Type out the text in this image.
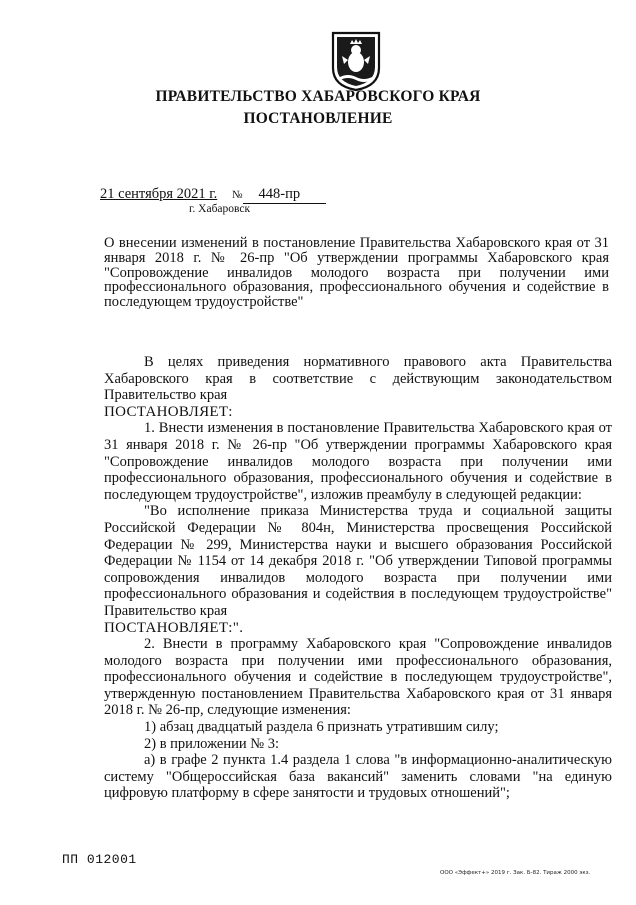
ПРАВИТЕЛЬСТВО ХАБАРОВСКОГО КРАЯ
ПОСТАНОВЛЕНИЕ
21 сентября 2021 г. № 448-пр
г. Хабаровск
О внесении изменений в постановление Правительства Хабаровского края от 31 января 2018 г. № 26-пр "Об утверждении программы Хабаровского края "Сопровождение инвалидов молодого возраста при получении ими профессионального образования, профессионального обучения и содействие в последующем трудоустройстве"

В целях приведения нормативного правового акта Правительства Хабаровского края в соответствие с действующим законодательством Правительство края

ПОСТАНОВЛЯЕТ:

1. Внести изменения в постановление Правительства Хабаровского края от 31 января 2018 г. № 26-пр "Об утверждении программы Хабаровского края "Сопровождение инвалидов молодого возраста при получении ими профессионального образования, профессионального обучения и содействие в последующем трудоустройстве", изложив преамбулу в следующей редакции:

"Во исполнение приказа Министерства труда и социальной защиты Российской Федерации № 804н, Министерства просвещения Российской Федерации № 299, Министерства науки и высшего образования Российской Федерации № 1154 от 14 декабря 2018 г. "Об утверждении Типовой программы сопровождения инвалидов молодого возраста при получении ими профессионального образования и содействия в последующем трудоустройстве" Правительство края

ПОСТАНОВЛЯЕТ:".

2. Внести в программу Хабаровского края "Сопровождение инвалидов молодого возраста при получении ими профессионального образования, профессионального обучения и содействие в последующем трудоустройстве", утвержденную постановлением Правительства Хабаровского края от 31 января 2018 г. № 26-пр, следующие изменения:

1) абзац двадцатый раздела 6 признать утратившим силу;

2) в приложении № 3:

а) в графе 2 пункта 1.4 раздела 1 слова "в информационно-аналитическую систему "Общероссийская база вакансий" заменить словами "на единую цифровую платформу в сфере занятости и трудовых отношений";

ПП 012001
ООО «Эффект+» 2019 г. Зак. Б-82. Тираж 2000 экз.
